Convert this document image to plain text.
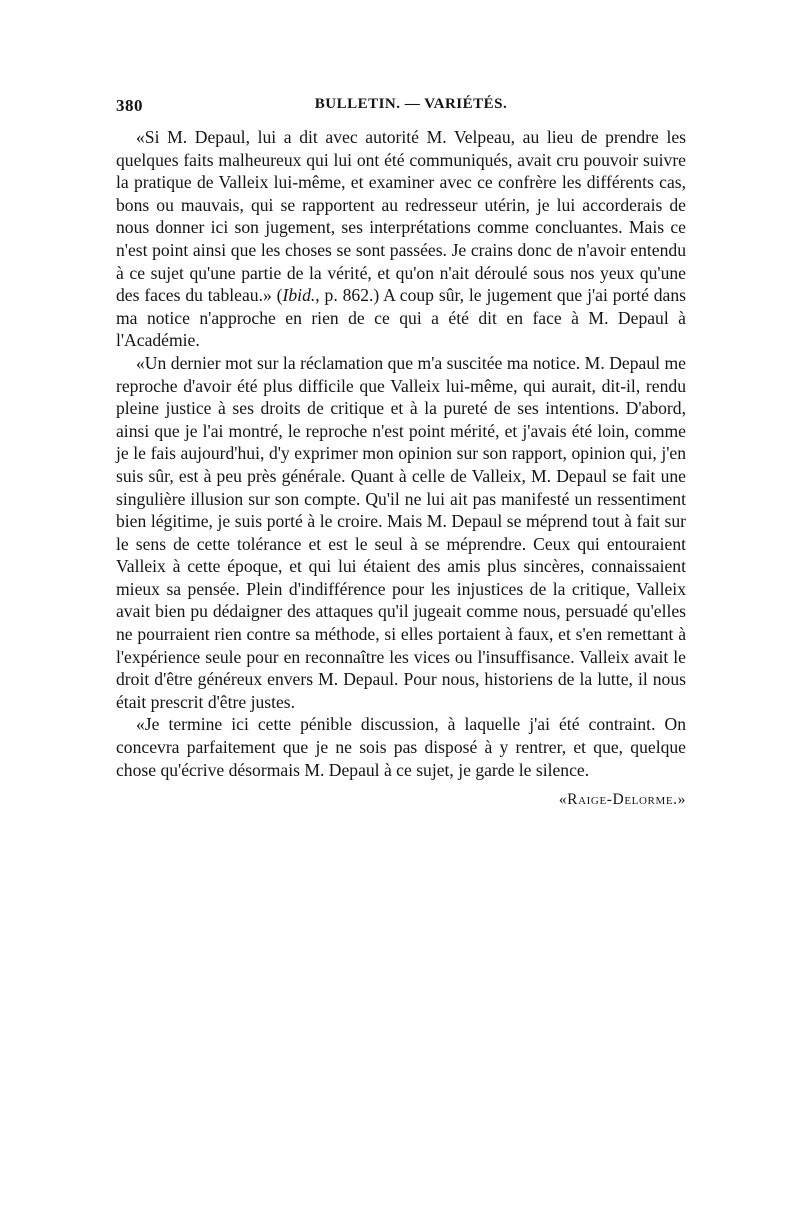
380	BULLETIN. — VARIÉTÉS.

«Si M. Depaul, lui a dit avec autorité M. Velpeau, au lieu de prendre les quelques faits malheureux qui lui ont été communiqués, avait cru pouvoir suivre la pratique de Valleix lui-même, et examiner avec ce confrère les différents cas, bons ou mauvais, qui se rapportent au redresseur utérin, je lui accorderais de nous donner ici son jugement, ses interprétations comme concluantes. Mais ce n'est point ainsi que les choses se sont passées. Je crains donc de n'avoir entendu à ce sujet qu'une partie de la vérité, et qu'on n'ait déroulé sous nos yeux qu'une des faces du tableau.» (Ibid., p. 862.) A coup sûr, le jugement que j'ai porté dans ma notice n'approche en rien de ce qui a été dit en face à M. Depaul à l'Académie.

«Un dernier mot sur la réclamation que m'a suscitée ma notice. M. Depaul me reproche d'avoir été plus difficile que Valleix lui-même, qui aurait, dit-il, rendu pleine justice à ses droits de critique et à la pureté de ses intentions. D'abord, ainsi que je l'ai montré, le reproche n'est point mérité, et j'avais été loin, comme je le fais aujourd'hui, d'y exprimer mon opinion sur son rapport, opinion qui, j'en suis sûr, est à peu près générale. Quant à celle de Valleix, M. Depaul se fait une singulière illusion sur son compte. Qu'il ne lui ait pas manifesté un ressentiment bien légitime, je suis porté à le croire. Mais M. Depaul se méprend tout à fait sur le sens de cette tolérance et est le seul à se méprendre. Ceux qui entouraient Valleix à cette époque, et qui lui étaient des amis plus sincères, connaissaient mieux sa pensée. Plein d'indifférence pour les injustices de la critique, Valleix avait bien pu dédaigner des attaques qu'il jugeait comme nous, persuadé qu'elles ne pourraient rien contre sa méthode, si elles portaient à faux, et s'en remettant à l'expérience seule pour en reconnaître les vices ou l'insuffisance. Valleix avait le droit d'être généreux envers M. Depaul. Pour nous, historiens de la lutte, il nous était prescrit d'être justes.

«Je termine ici cette pénible discussion, à laquelle j'ai été contraint. On concevra parfaitement que je ne sois pas disposé à y rentrer, et que, quelque chose qu'écrive désormais M. Depaul à ce sujet, je garde le silence.

«Raige-Delorme.»
